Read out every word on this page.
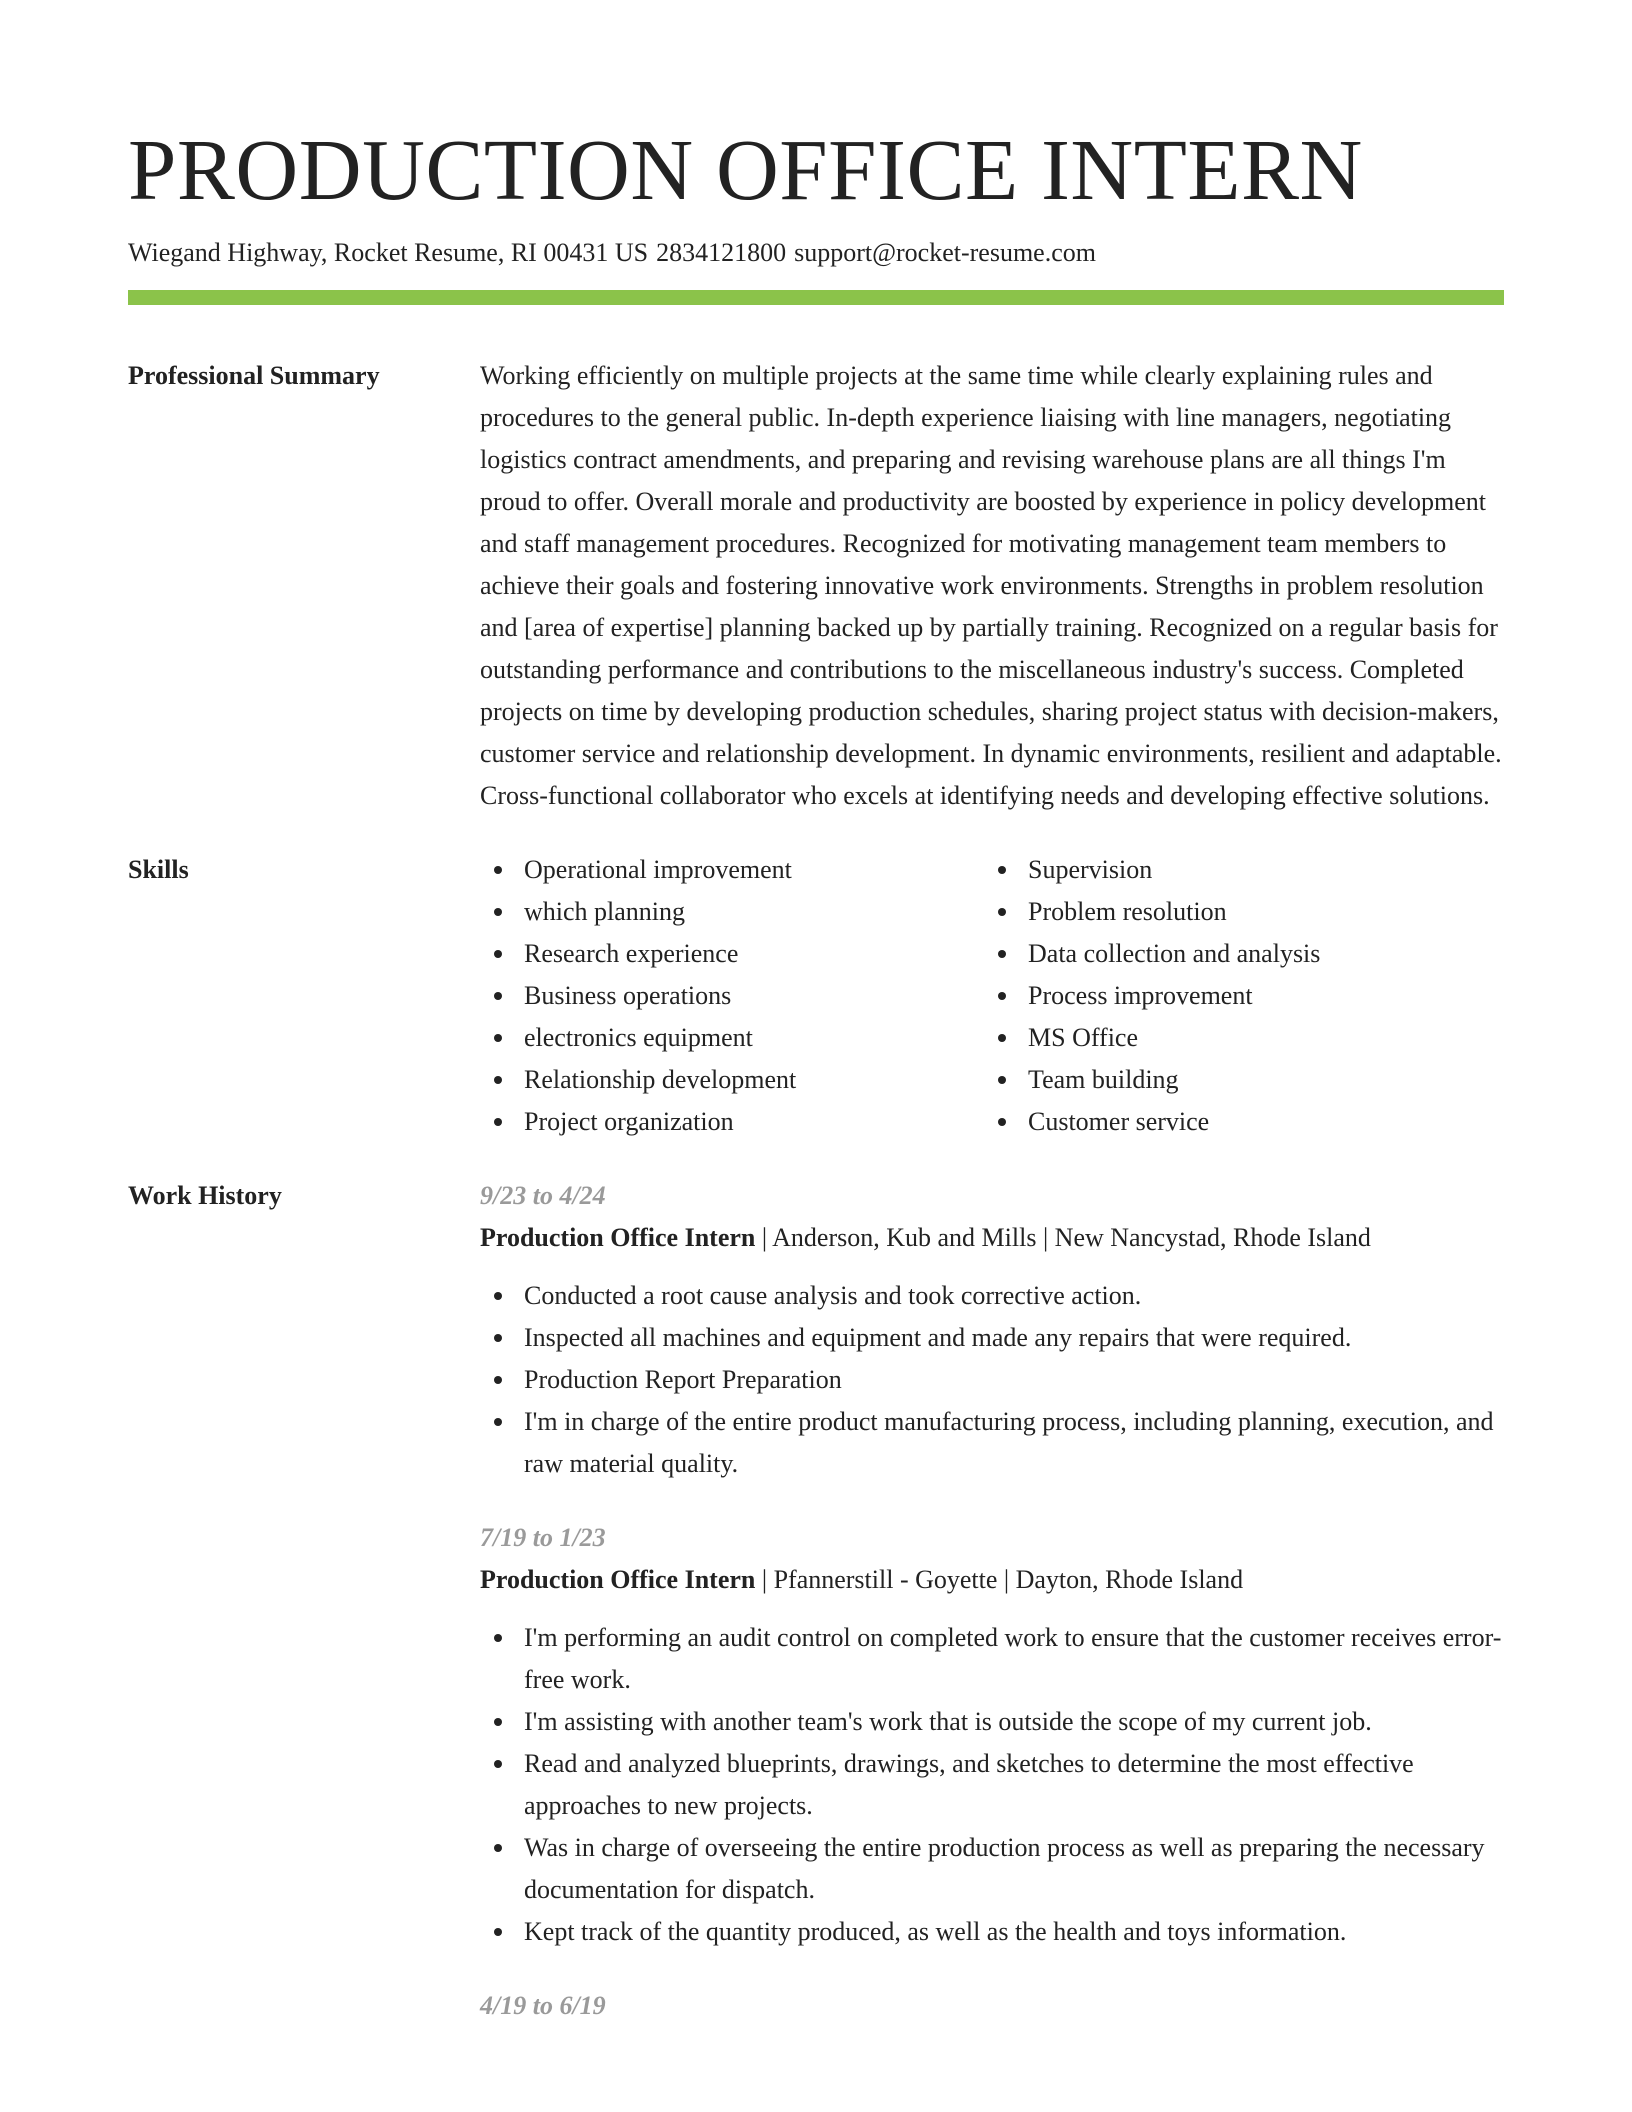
PRODUCTION OFFICE INTERN
Wiegand Highway, Rocket Resume, RI 00431 US 2834121800 support@rocket-resume.com
Professional Summary	Working efficiently on multiple projects at the same time while clearly explaining rules and procedures to the general public. In-depth experience liaising with line managers, negotiating logistics contract amendments, and preparing and revising warehouse plans are all things I'm proud to offer. Overall morale and productivity are boosted by experience in policy development and staff management procedures. Recognized for motivating management team members to achieve their goals and fostering innovative work environments. Strengths in problem resolution and [area of expertise] planning backed up by partially training. Recognized on a regular basis for outstanding performance and contributions to the miscellaneous industry's success. Completed projects on time by developing production schedules, sharing project status with decision-makers, customer service and relationship development. In dynamic environments, resilient and adaptable. Cross-functional collaborator who excels at identifying needs and developing effective solutions.

Skills	Operational improvement
which planning
Research experience
Business operations
electronics equipment
Relationship development
Project organization
Supervision
Problem resolution
Data collection and analysis
Process improvement
MS Office
Team building
Customer service
Work History	9/23 to 4/24
Production Office Intern | Anderson, Kub and Mills | New Nancystad, Rhode Island
Conducted a root cause analysis and took corrective action.
Inspected all machines and equipment and made any repairs that were required.
Production Report Preparation
I'm in charge of the entire product manufacturing process, including planning, execution, and raw material quality.
7/19 to 1/23
Production Office Intern | Pfannerstill - Goyette | Dayton, Rhode Island
I'm performing an audit control on completed work to ensure that the customer receives error-free work.
I'm assisting with another team's work that is outside the scope of my current job.
Read and analyzed blueprints, drawings, and sketches to determine the most effective approaches to new projects.
Was in charge of overseeing the entire production process as well as preparing the necessary documentation for dispatch.
Kept track of the quantity produced, as well as the health and toys information.
4/19 to 6/19
